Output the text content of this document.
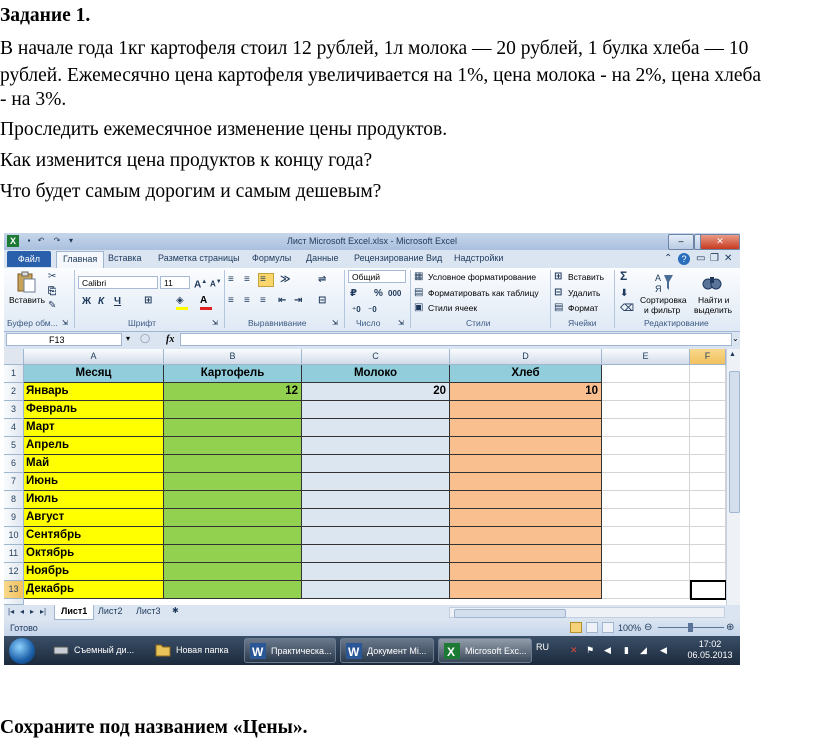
Задание 1.
В начале года 1кг картофеля стоил 12 рублей, 1л молока — 20 рублей, 1 булка хлеба — 10
рублей. Ежемесячно цена картофеля увеличивается на 1%, цена молока - на 2%, цена хлеба
- на 3%.
Проследить ежемесячное изменение цены продуктов.
Как изменится цена продуктов к концу года?
Что будет самым дорогим и самым дешевым?
Сохраните под названием «Цены».
X	▪ ↶ ↷	▾	Лист Microsoft Excel.xlsx - Microsoft Excel	–	✕
Файл	Главная	Вставка Разметка страницы Формулы Данные Рецензирование Вид Надстройки	⌃	? ▭ ❐ ✕
Вставить
✂
⎘
✎
Буфер обм... ⇲
Calibri	11	A▲ A▼
Ж К Ч ⊞ ◈ A
Шрифт	⇲
≡ ≡ ≡ ≫	⇌
≡ ≡ ≡ ⇤ ⇥ ⊟
Выравнивание	⇲
Общий
₽ % 000
⁺0 ⁻0
Число	⇲
▦ Условное форматирование
▤ Форматировать как таблицу
▣ Стили ячеек
Стили
⊞ Вставить
⊟ Удалить
▤ Формат
Ячейки
Σ
⬇
⌫
A
Я
Сортировка
и фильтр
Найти и
выделить
Редактирование
F13	▾ ◯ fx	⌄
A	B	C	D	E	F
1	Месяц	Картофель	Молоко	Хлеб
2 Январь	12	20	10
3 Февраль
4 Март
5 Апрель
6 Май
7 Июнь
8 Июль
9 Август
10 Сентябрь
11 Октябрь
12 Ноябрь
13 Декабрь
▲
|◂ ◂ ▸ ▸|	Лист1	Лист2	Лист3	✱
Готово	100% ⊖	⊕
Съемный ди...	Новая папка W Практическа... W Документ Mi... X Microsoft Exc... RU ✕ ⚑ ◀ ▮ ◢ ◀
17:02
06.05.2013
